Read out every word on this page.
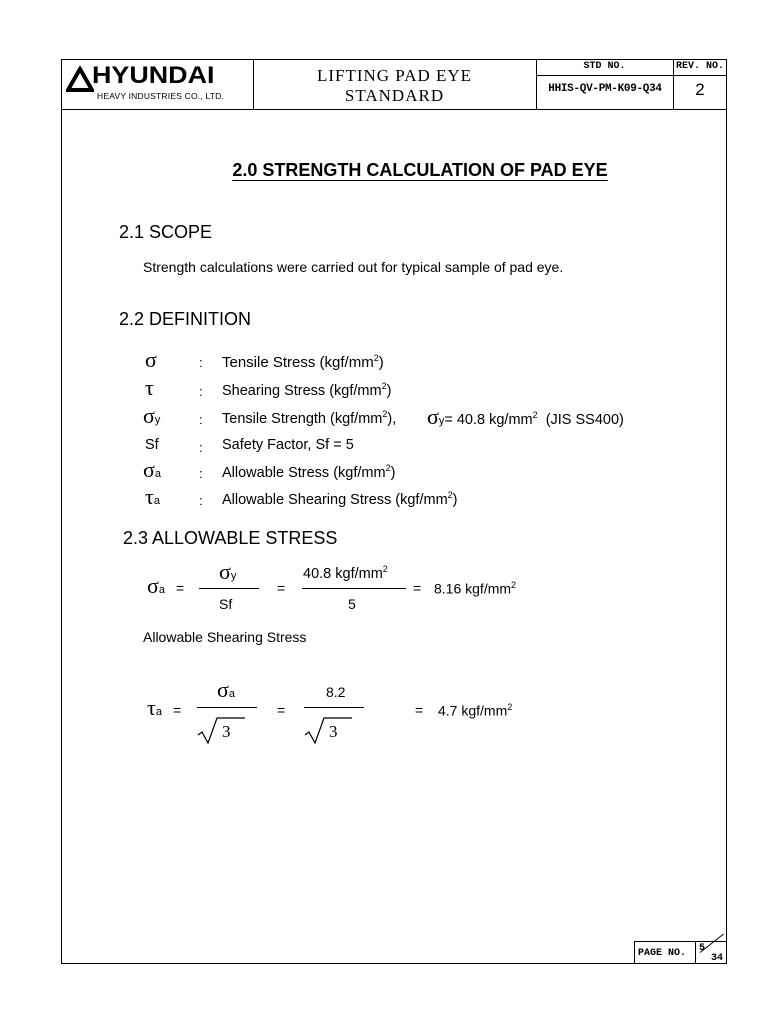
HYUNDAI
HEAVY INDUSTRIES CO., LTD.
LIFTING PAD EYE
STANDARD
STD NO.	REV. NO.
HHIS-QV-PM-K09-Q34	2
2.0 STRENGTH CALCULATION OF PAD EYE
2.1 SCOPE
Strength calculations were carried out for typical sample of pad eye.
2.2 DEFINITION
σ	: Tensile Stress $(kgf/mm^2)$
τ	: Shearing Stress $(kgf/mm^2)$
σy	: Tensile Strength $(kgf/mm^2)$, σy= 40.8 $kg/mm^2$ (JIS SS400)
Sf	: Safety Factor, Sf = 5
σa	: Allowable Stress $(kgf/mm^2)$
τa	: Allowable Shearing Stress $(kgf/mm^2)$
2.3 ALLOWABLE STRESS
σa =
σy
Sf
=
40.8 kgf/$mm^2$
5
= 8.16 kgf/$mm^2$
Allowable Shearing Stress
τa =
σa
3
=
8.2
3
= 4.7 kgf/$mm^2$
PAGE NO. 5
34
